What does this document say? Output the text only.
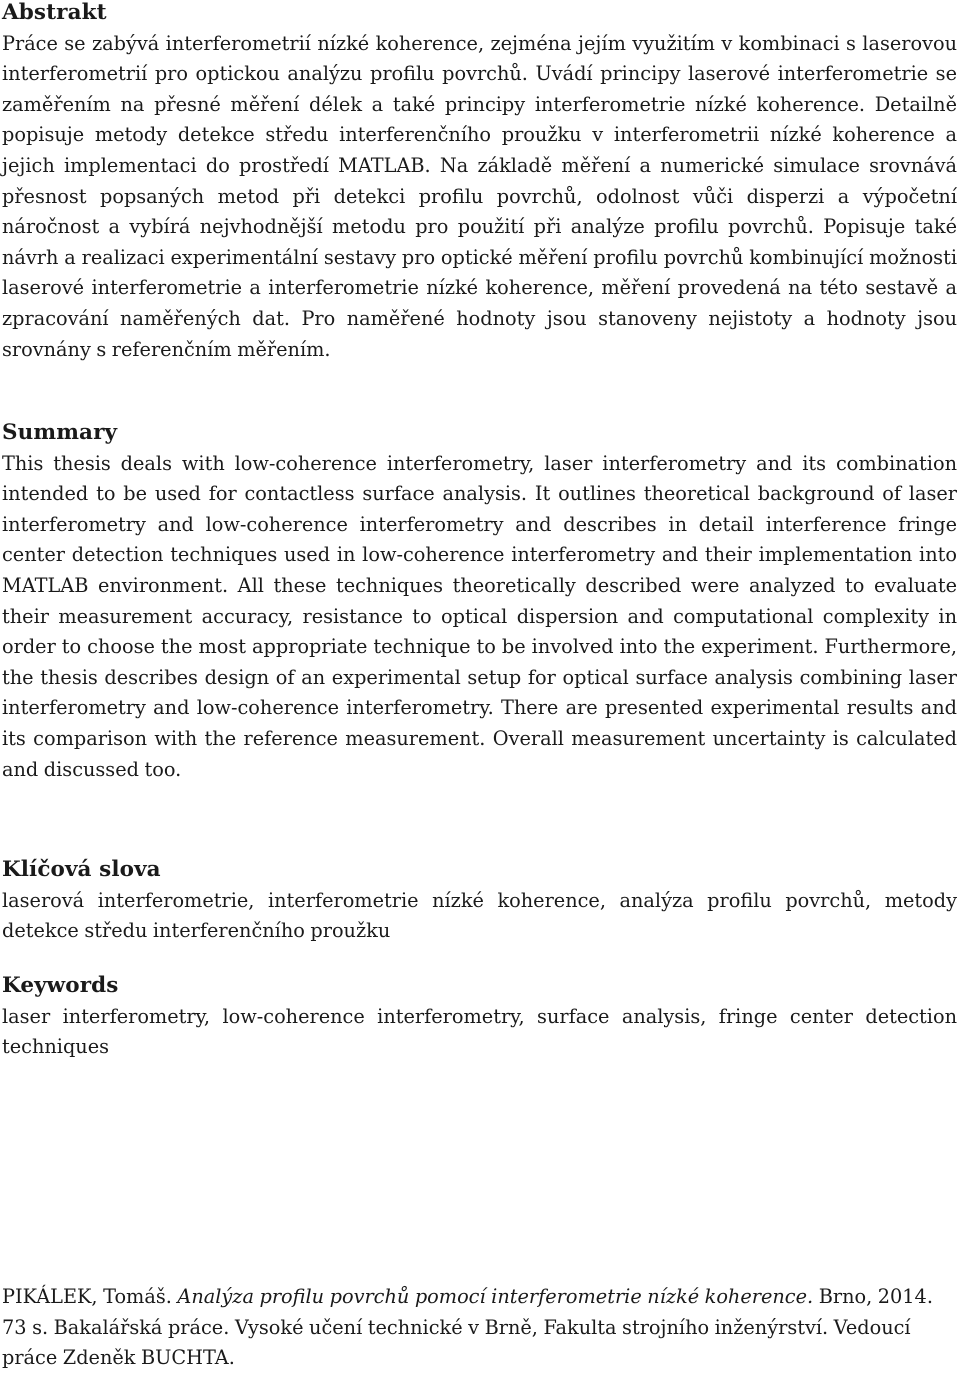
Abstrakt

Práce se zabývá interferometrií nízké koherence, zejména jejím využitím v kombinaci s laserovou interferometrií pro optickou analýzu profilu povrchů. Uvádí principy laserové interferometrie se zaměřením na přesné měření délek a také principy interferometrie nízké koherence. Detailně popisuje metody detekce středu interferenčního proužku v interferometrii nízké koherence a jejich implementaci do prostředí MATLAB. Na základě měření a numerické simulace srovnává přesnost popsaných metod při detekci profilu povrchů, odolnost vůči disperzi a výpočetní náročnost a vybírá nejvhodnější metodu pro použití při analýze profilu povrchů. Popisuje také návrh a realizaci experimentální sestavy pro optické měření profilu povrchů kombinující možnosti laserové interferometrie a interferometrie nízké koherence, měření provedená na této sestavě a zpracování naměřených dat. Pro naměřené hodnoty jsou stanoveny nejistoty a hodnoty jsou srovnány s referenčním měřením.

Summary

This thesis deals with low-coherence interferometry, laser interferometry and its combination intended to be used for contactless surface analysis. It outlines theoretical background of laser interferometry and low-coherence interferometry and describes in detail interference fringe center detection techniques used in low-coherence interferometry and their implementation into MATLAB environment. All these techniques theoretically described were analyzed to evaluate their measurement accuracy, resistance to optical dispersion and computational complexity in order to choose the most appropriate technique to be involved into the experiment. Furthermore, the thesis describes design of an experimental setup for optical surface analysis combining laser interferometry and low-coherence interferometry. There are presented experimental results and its comparison with the reference measurement. Overall measurement uncertainty is calculated and discussed too.

Klíčová slova

laserová interferometrie, interferometrie nízké koherence, analýza profilu povrchů, metody detekce středu interferenčního proužku

Keywords

laser interferometry, low-coherence interferometry, surface analysis, fringe center detection techniques

PIKÁLEK, Tomáš. Analýza profilu povrchů pomocí interferometrie nízké koherence. Brno, 2014. 73 s. Bakalářská práce. Vysoké učení technické v Brně, Fakulta strojního inženýrství. Vedoucí práce Zdeněk BUCHTA.
